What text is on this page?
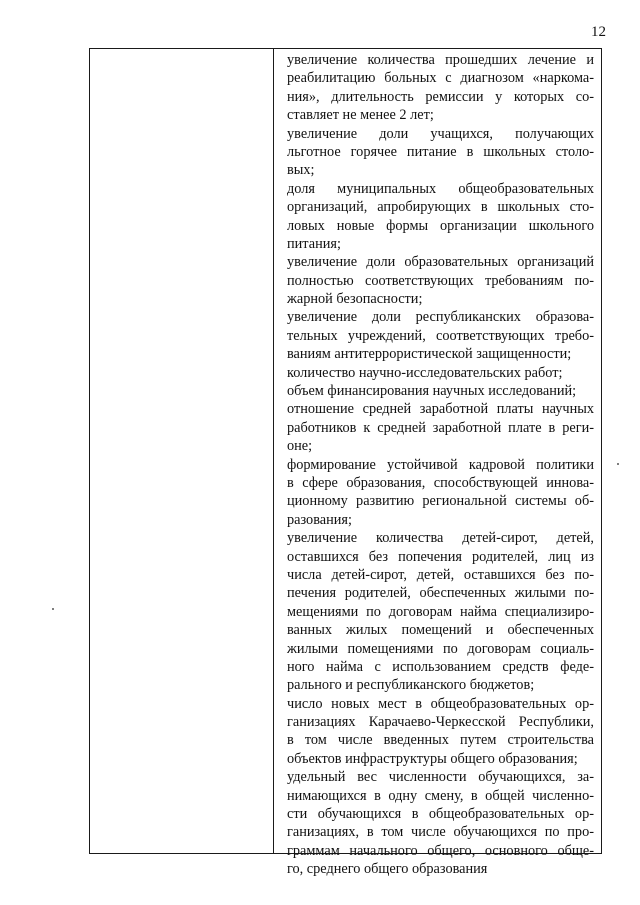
12
увеличение количества прошедших лечение и
реабилитацию больных с диагнозом «наркома-
ния», длительность ремиссии у которых со-
ставляет не менее 2 лет;
увеличение доли учащихся, получающих
льготное горячее питание в школьных столо-
вых;
доля муниципальных общеобразовательных
организаций, апробирующих в школьных сто-
ловых новые формы организации школьного
питания;
увеличение доли образовательных организаций
полностью соответствующих требованиям по-
жарной безопасности;
увеличение доли республиканских образова-
тельных учреждений, соответствующих требо-
ваниям антитеррористической защищенности;
количество научно-исследовательских работ;
объем финансирования научных исследований;
отношение средней заработной платы научных
работников к средней заработной плате в реги-
оне;
формирование устойчивой кадровой политики
в сфере образования, способствующей иннова-
ционному развитию региональной системы об-
разования;
увеличение количества детей-сирот, детей,
оставшихся без попечения родителей, лиц из
числа детей-сирот, детей, оставшихся без по-
печения родителей, обеспеченных жилыми по-
мещениями по договорам найма специализиро-
ванных жилых помещений и обеспеченных
жилыми помещениями по договорам социаль-
ного найма с использованием средств феде-
рального и республиканского бюджетов;
число новых мест в общеобразовательных ор-
ганизациях Карачаево-Черкесской Республики,
в том числе введенных путем строительства
объектов инфраструктуры общего образования;
удельный вес численности обучающихся, за-
нимающихся в одну смену, в общей численно-
сти обучающихся в общеобразовательных ор-
ганизациях, в том числе обучающихся по про-
граммам начального общего, основного обще-
го, среднего общего образования
